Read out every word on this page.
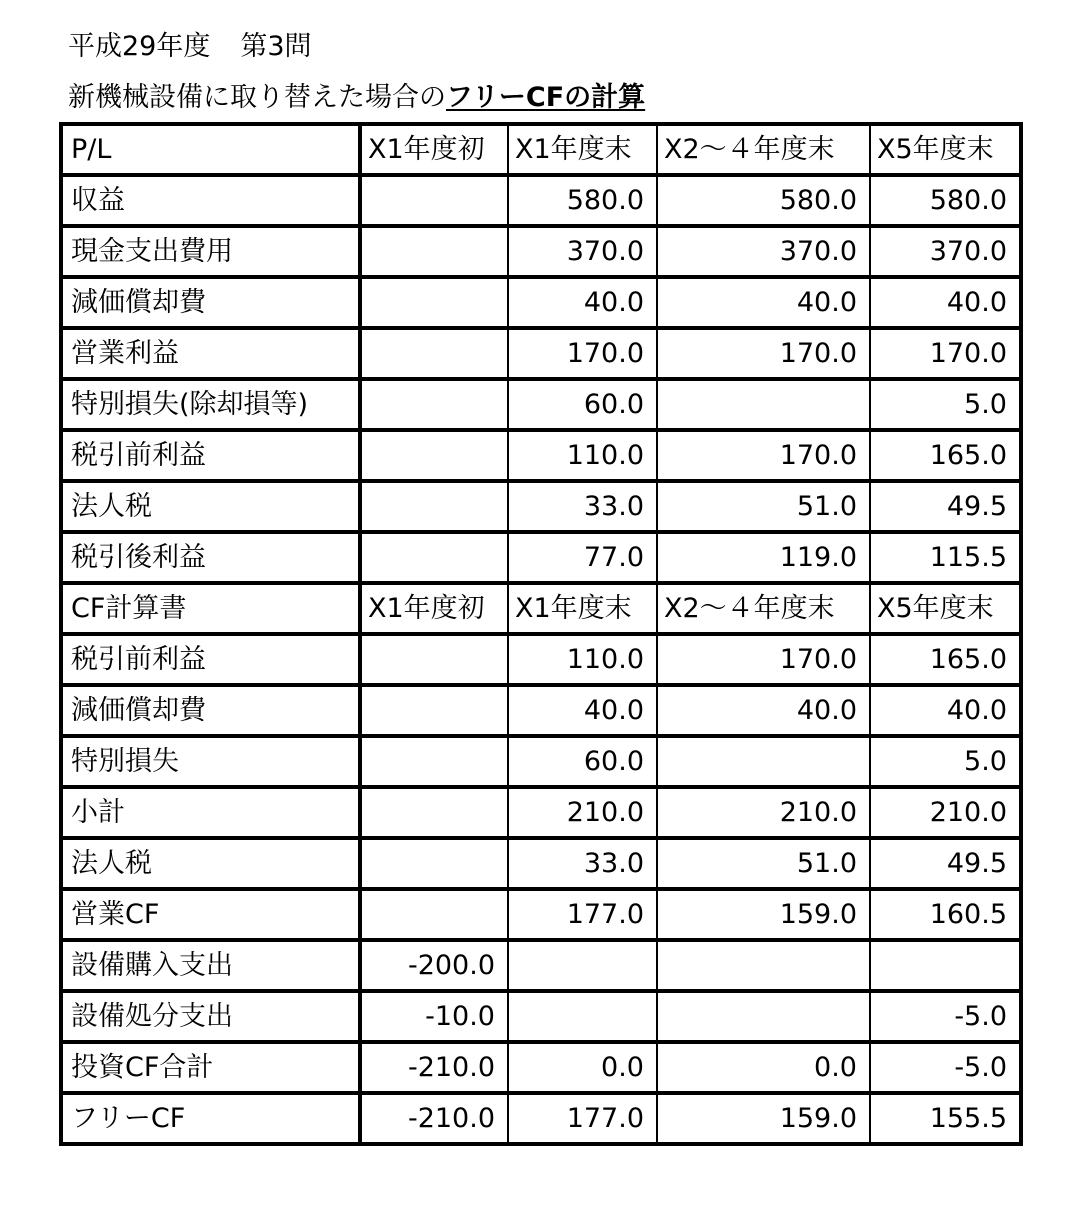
平成29年度 第3問
新機械設備に取り替えた場合のフリーCFの計算
P/L	X1年度初	X1年度末	X2～４年度末	X5年度末
収益		580.0	580.0	580.0
現金支出費用		370.0	370.0	370.0
減価償却費		40.0	40.0	40.0
営業利益		170.0	170.0	170.0
特別損失(除却損等)		60.0		5.0
税引前利益		110.0	170.0	165.0
法人税		33.0	51.0	49.5
税引後利益		77.0	119.0	115.5
CF計算書	X1年度初	X1年度末	X2～４年度末	X5年度末
税引前利益		110.0	170.0	165.0
減価償却費		40.0	40.0	40.0
特別損失		60.0		5.0
小計		210.0	210.0	210.0
法人税		33.0	51.0	49.5
営業CF		177.0	159.0	160.5
設備購入支出	-200.0			
設備処分支出	-10.0			-5.0
投資CF合計	-210.0	0.0	0.0	-5.0
フリーCF	-210.0	177.0	159.0	155.5
